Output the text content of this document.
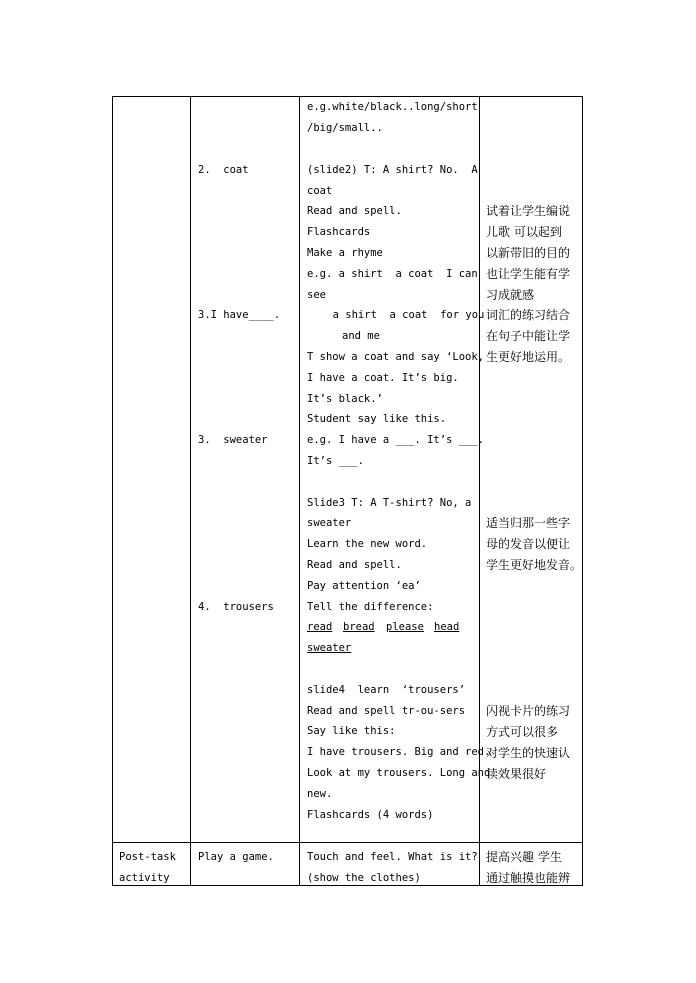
2.  coat
3.I have____.
3.  sweater
4.  trousers
e.g.white/black..long/short
/big/small..
(slide2) T: A shirt? No.  A
coat
Read and spell.
Flashcards
Make a rhyme
e.g. a shirt  a coat  I can
see
a shirt  a coat  for you
and me
T show a coat and say ‘Look,
I have a coat. It’s big.
It’s black.’
Student say like this.
e.g. I have a ___. It’s ___.
It’s ___.
Slide3 T: A T-shirt? No, a
sweater
Learn the new word.
Read and spell.
Pay attention ‘ea’
Tell the difference:
read bread please head
sweater
slide4  learn  ‘trousers’
Read and spell tr-ou-sers
Say like this:
I have trousers. Big and red.
Look at my trousers. Long and
new.
Flashcards (4 words)
试着让学生编说
儿歌 可以起到
以新带旧的目的
也让学生能有学
习成就感
词汇的练习结合
在句子中能让学
生更好地运用。
适当归那一些字
母的发音以便让
学生更好地发音。
闪视卡片的练习
方式可以很多
对学生的快速认
读效果很好
Post-task
activity
Play a game.	Touch and feel. What is it?
(show the clothes)
提高兴趣 学生
通过触摸也能辨
